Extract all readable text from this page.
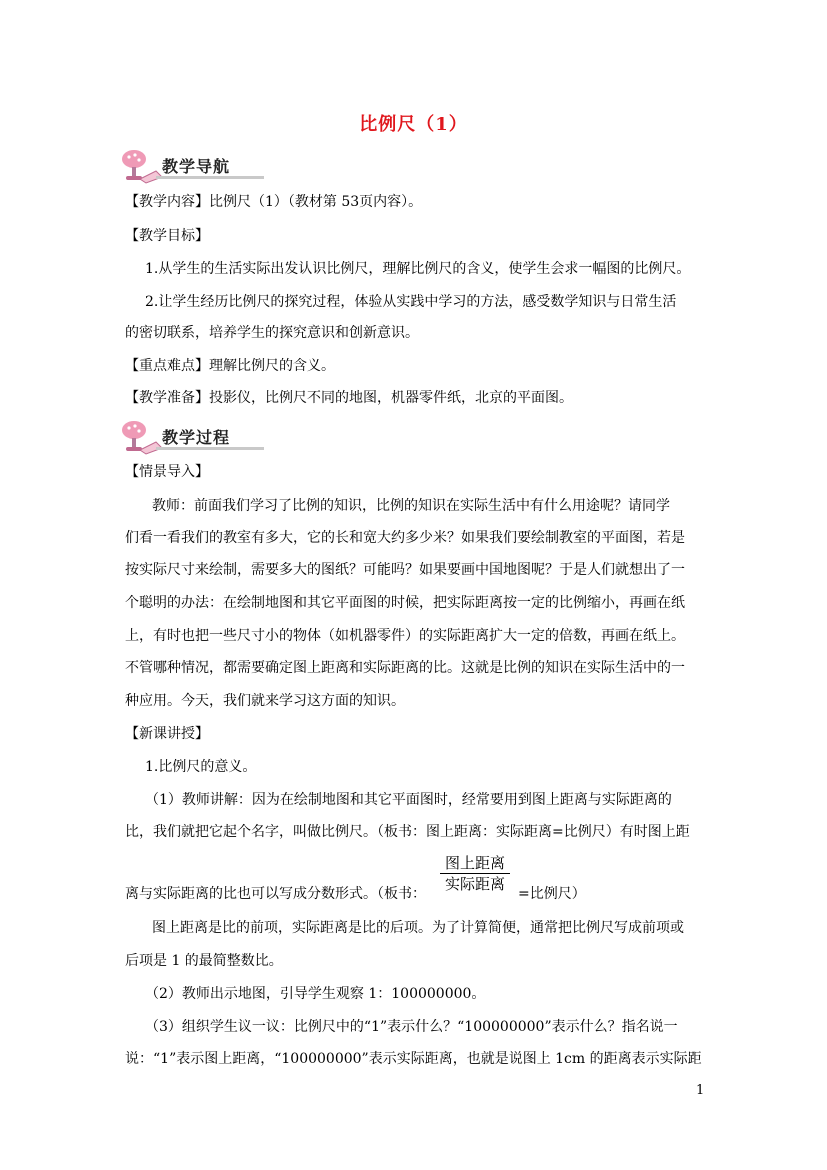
比例尺（1）
教学导航
【教学内容】比例尺（1）（教材第 53页内容）。
【教学目标】
1.从学生的生活实际出发认识比例尺，理解比例尺的含义，使学生会求一幅图的比例尺。
2.让学生经历比例尺的探究过程，体验从实践中学习的方法，感受数学知识与日常生活
的密切联系，培养学生的探究意识和创新意识。
【重点难点】理解比例尺的含义。
【教学准备】投影仪，比例尺不同的地图，机器零件纸，北京的平面图。
教学过程
【情景导入】
教师：前面我们学习了比例的知识，比例的知识在实际生活中有什么用途呢？请同学
们看一看我们的教室有多大，它的长和宽大约多少米？如果我们要绘制教室的平面图，若是
按实际尺寸来绘制，需要多大的图纸？可能吗？如果要画中国地图呢？于是人们就想出了一
个聪明的办法：在绘制地图和其它平面图的时候，把实际距离按一定的比例缩小，再画在纸
上，有时也把一些尺寸小的物体（如机器零件）的实际距离扩大一定的倍数，再画在纸上。
不管哪种情况，都需要确定图上距离和实际距离的比。这就是比例的知识在实际生活中的一
种应用。今天，我们就来学习这方面的知识。
【新课讲授】
1.比例尺的意义。
（1）教师讲解：因为在绘制地图和其它平面图时，经常要用到图上距离与实际距离的
比，我们就把它起个名字，叫做比例尺。（板书：图上距离：实际距离=比例尺）有时图上距
图上距离
实际距离
离与实际距离的比也可以写成分数形式。（板书：	=比例尺）
图上距离是比的前项，实际距离是比的后项。为了计算简便，通常把比例尺写成前项或
后项是 1 的最简整数比。
（2）教师出示地图，引导学生观察 1：100000000。
（3）组织学生议一议：比例尺中的“1”表示什么？“100000000”表示什么？指名说一
说：“1”表示图上距离，“100000000”表示实际距离，也就是说图上 1cm 的距离表示实际距
1
